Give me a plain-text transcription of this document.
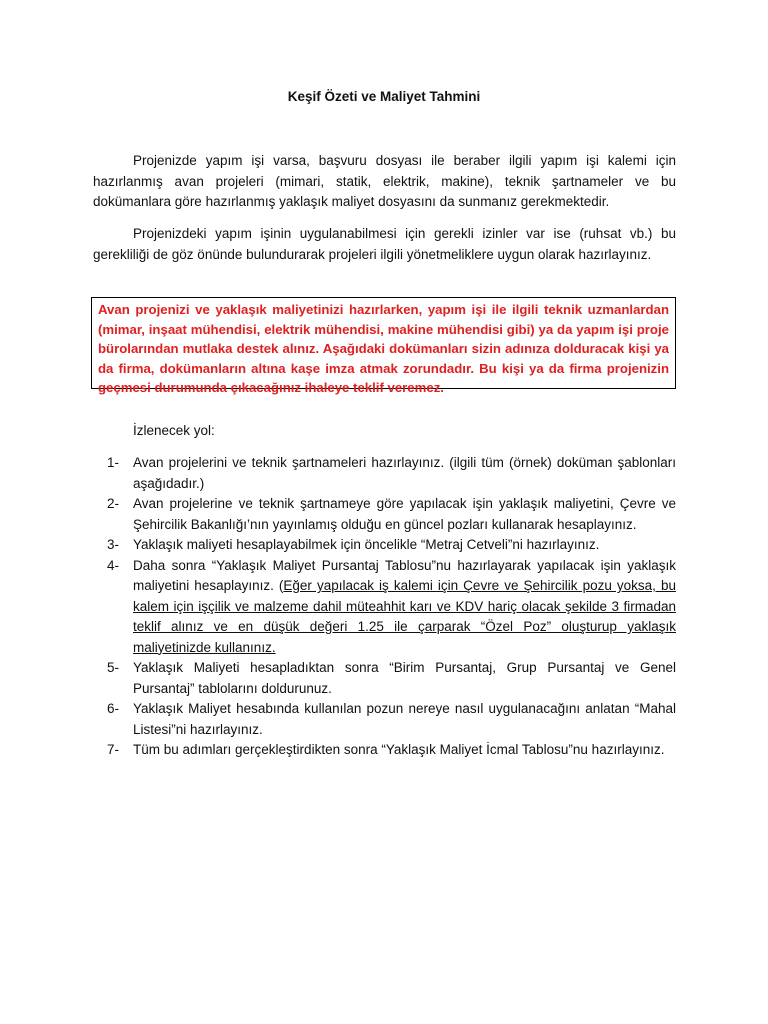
Keşif Özeti ve Maliyet Tahmini

Projenizde yapım işi varsa, başvuru dosyası ile beraber ilgili yapım işi kalemi için hazırlanmış avan projeleri (mimari, statik, elektrik, makine), teknik şartnameler ve bu dokümanlara göre hazırlanmış yaklaşık maliyet dosyasını da sunmanız gerekmektedir.

Projenizdeki yapım işinin uygulanabilmesi için gerekli izinler var ise (ruhsat vb.) bu gerekliliği de göz önünde bulundurarak projeleri ilgili yönetmeliklere uygun olarak hazırlayınız.

Avan projenizi ve yaklaşık maliyetinizi hazırlarken, yapım işi ile ilgili teknik uzmanlardan (mimar, inşaat mühendisi, elektrik mühendisi, makine mühendisi gibi) ya da yapım işi proje bürolarından mutlaka destek alınız. Aşağıdaki dokümanları sizin adınıza dolduracak kişi ya da firma, dokümanların altına kaşe imza atmak zorundadır. Bu kişi ya da firma projenizin geçmesi durumunda çıkacağınız ihaleye teklif veremez.
İzlenecek yol:
1- Avan projelerini ve teknik şartnameleri hazırlayınız. (ilgili tüm (örnek) doküman şablonları aşağıdadır.)
2- Avan projelerine ve teknik şartnameye göre yapılacak işin yaklaşık maliyetini, Çevre ve Şehircilik Bakanlığı’nın yayınlamış olduğu en güncel pozları kullanarak hesaplayınız.
3- Yaklaşık maliyeti hesaplayabilmek için öncelikle “Metraj Cetveli”ni hazırlayınız.
4- Daha sonra “Yaklaşık Maliyet Pursantaj Tablosu”nu hazırlayarak yapılacak işin yaklaşık maliyetini hesaplayınız. (Eğer yapılacak iş kalemi için Çevre ve Şehircilik pozu yoksa, bu kalem için işçilik ve malzeme dahil müteahhit karı ve KDV hariç olacak şekilde 3 firmadan teklif alınız ve en düşük değeri 1.25 ile çarparak “Özel Poz” oluşturup yaklaşık maliyetinizde kullanınız.
5- Yaklaşık Maliyeti hesapladıktan sonra “Birim Pursantaj, Grup Pursantaj ve Genel Pursantaj” tablolarını doldurunuz.
6- Yaklaşık Maliyet hesabında kullanılan pozun nereye nasıl uygulanacağını anlatan “Mahal Listesi”ni hazırlayınız.
7- Tüm bu adımları gerçekleştirdikten sonra “Yaklaşık Maliyet İcmal Tablosu”nu hazırlayınız.
